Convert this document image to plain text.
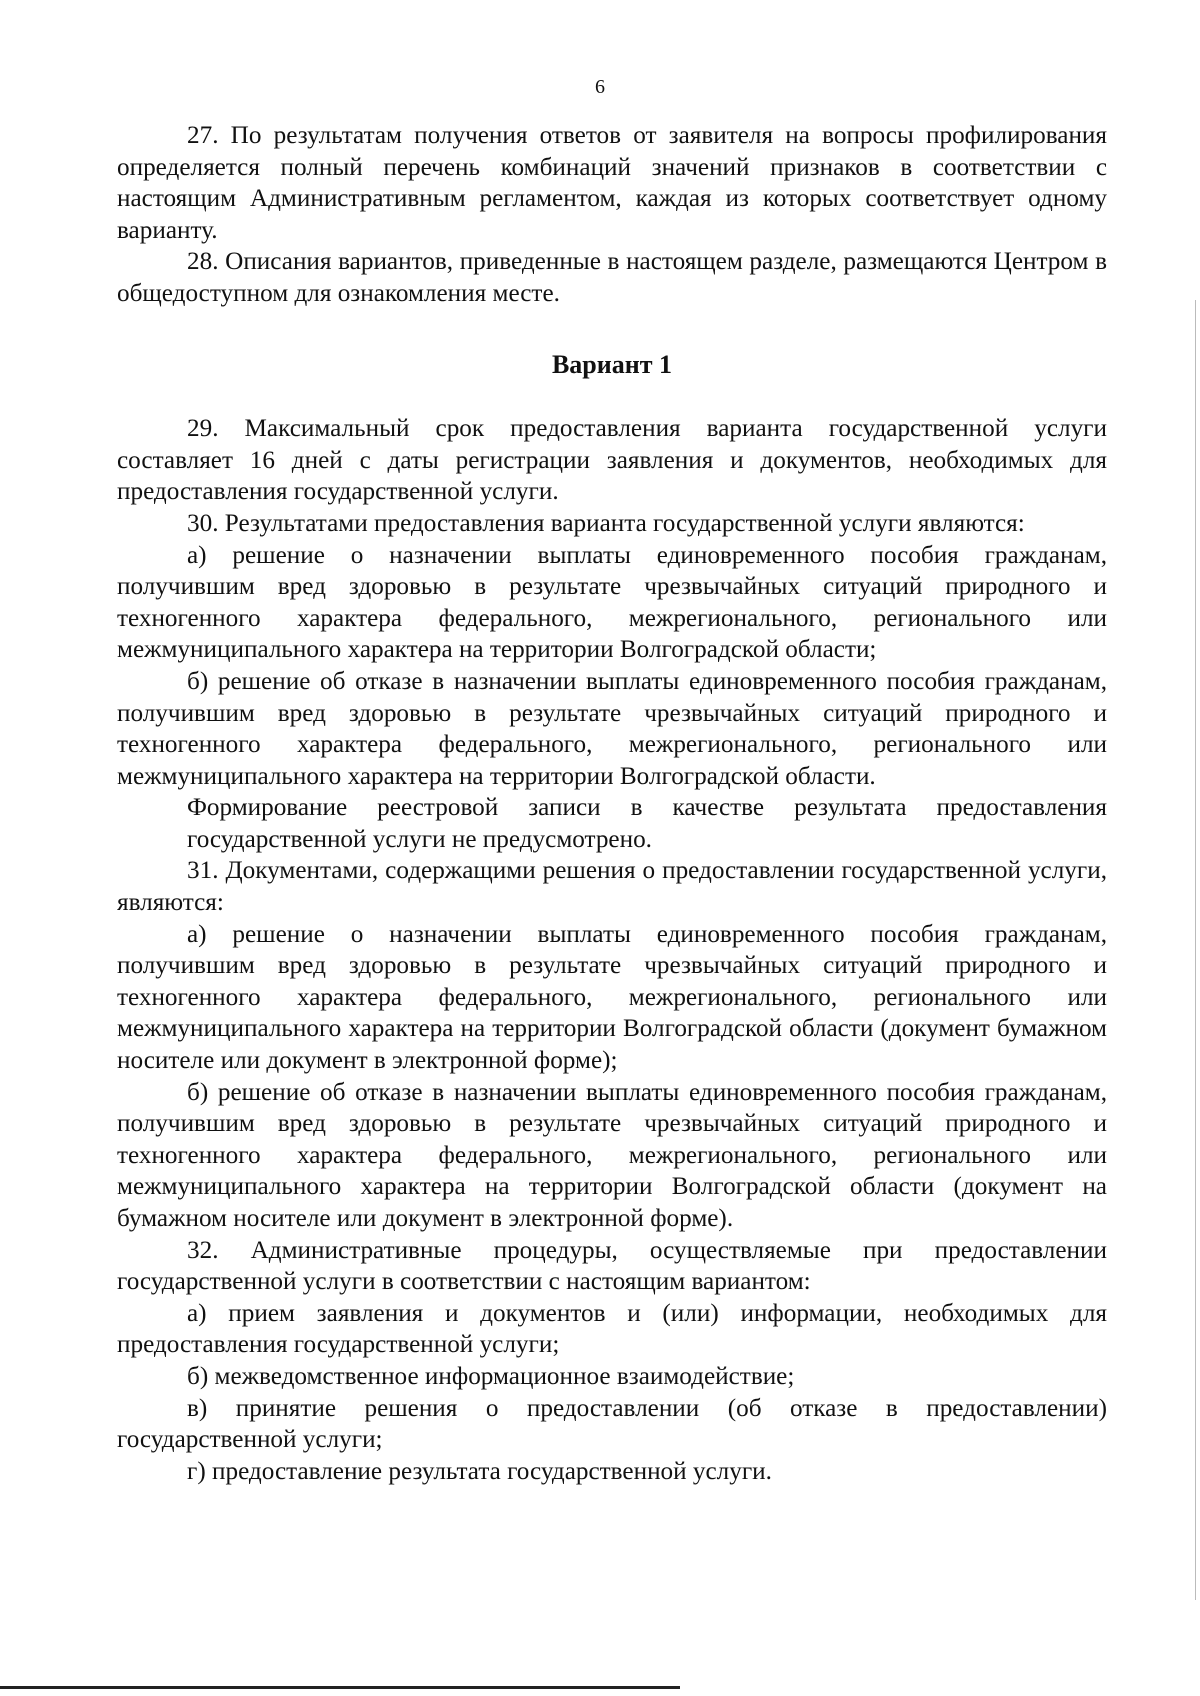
6

27. По результатам получения ответов от заявителя на вопросы профилирования определяется полный перечень комбинаций значений признаков в соответствии с настоящим Административным регламентом, каждая из которых соответствует одному варианту.

28. Описания вариантов, приведенные в настоящем разделе, размещаются Центром в общедоступном для ознакомления месте.

Вариант 1

29. Максимальный срок предоставления варианта государственной услуги составляет 16 дней с даты регистрации заявления и документов, необходимых для предоставления государственной услуги.

30. Результатами предоставления варианта государственной услуги являются:

а) решение о назначении выплаты единовременного пособия гражданам, получившим вред здоровью в результате чрезвычайных ситуаций природного и техногенного характера федерального, межрегионального, регионального или межмуниципального характера на территории Волгоградской области;

б) решение об отказе в назначении выплаты единовременного пособия гражданам, получившим вред здоровью в результате чрезвычайных ситуаций природного и техногенного характера федерального, межрегионального, регионального или межмуниципального характера на территории Волгоградской области.

Формирование реестровой записи в качестве результата предоставления государственной услуги не предусмотрено.

31. Документами, содержащими решения о предоставлении государственной услуги, являются:

а) решение о назначении выплаты единовременного пособия гражданам, получившим вред здоровью в результате чрезвычайных ситуаций природного и техногенного характера федерального, межрегионального, регионального или межмуниципального характера на территории Волгоградской области (документ бумажном носителе или документ в электронной форме);

б) решение об отказе в назначении выплаты единовременного пособия гражданам, получившим вред здоровью в результате чрезвычайных ситуаций природного и техногенного характера федерального, межрегионального, регионального или межмуниципального характера на территории Волгоградской области (документ на бумажном носителе или документ в электронной форме).

32. Административные процедуры, осуществляемые при предоставлении государственной услуги в соответствии с настоящим вариантом:

а) прием заявления и документов и (или) информации, необходимых для предоставления государственной услуги;

б) межведомственное информационное взаимодействие;

в) принятие решения о предоставлении (об отказе в предоставлении) государственной услуги;

г) предоставление результата государственной услуги.
